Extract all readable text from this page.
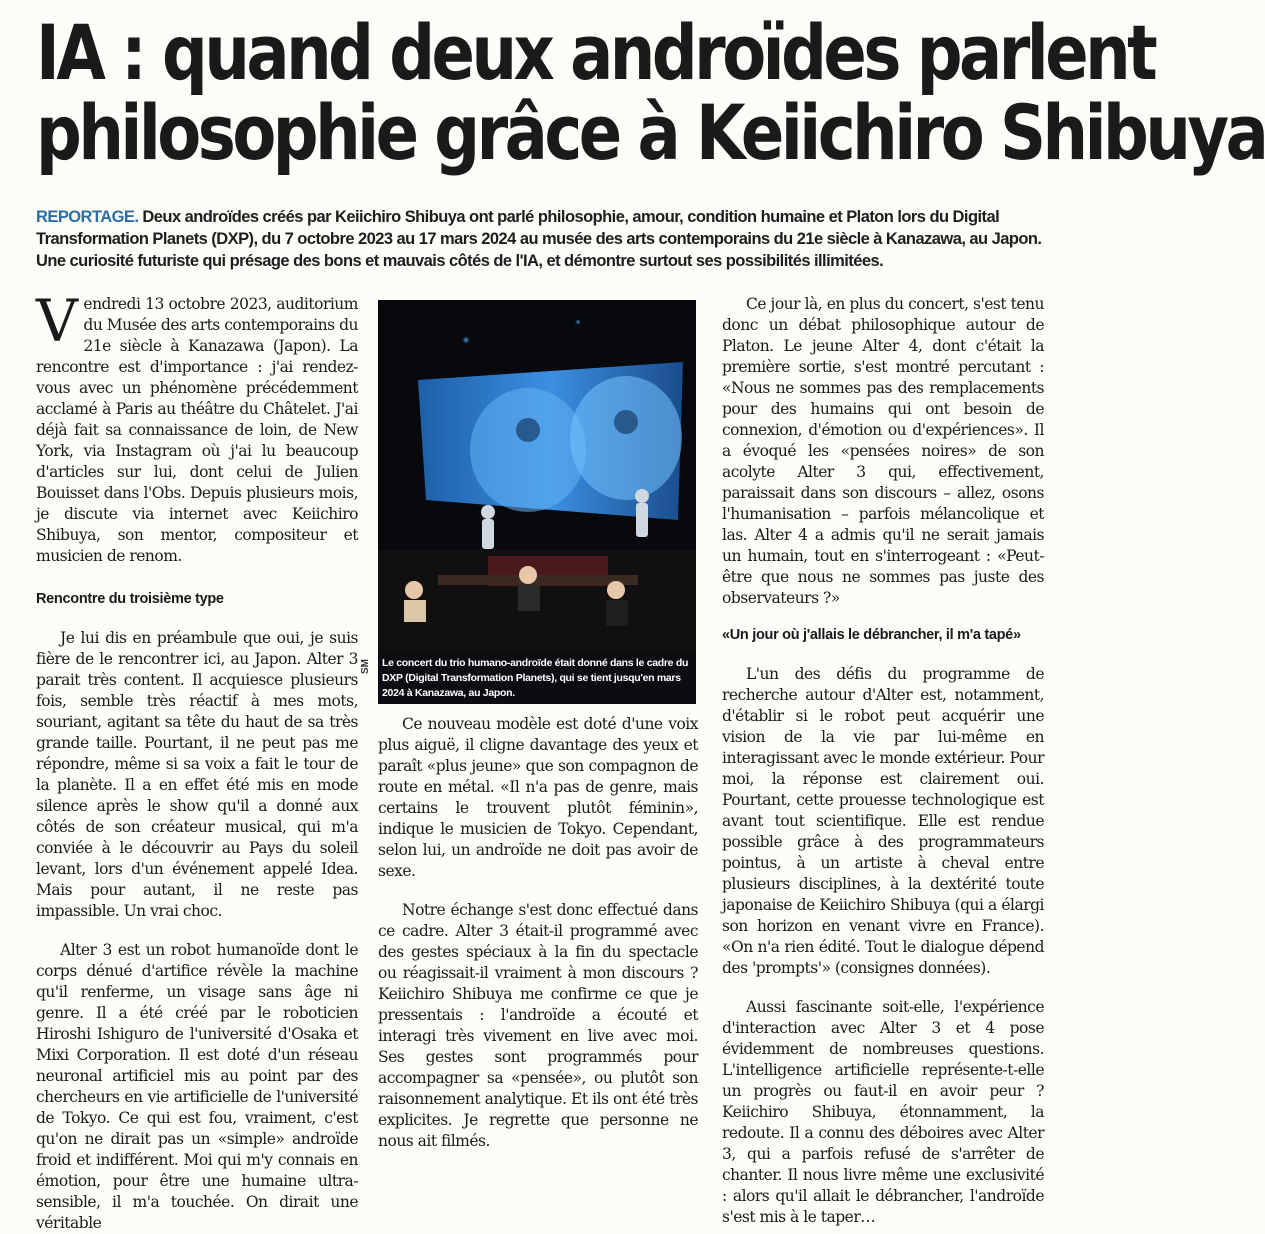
IA : quand deux androïdes parlent
philosophie grâce à Keiichiro Shibuya

REPORTAGE. Deux androïdes créés par Keiichiro Shibuya ont parlé philosophie, amour, condition humaine et Platon lors du Digital Transformation Planets (DXP), du 7 octobre 2023 au 17 mars 2024 au musée des arts contemporains du 21e siècle à Kanazawa, au Japon. Une curiosité futuriste qui présage des bons et mauvais côtés de l'IA, et démontre surtout ses possibilités illimitées.

Vendredi 13 octobre 2023, auditorium du Musée des arts contemporains du 21e siècle à Kanazawa (Japon). La rencontre est d'importance : j'ai rendez-vous avec un phénomène précédemment acclamé à Paris au théâtre du Châtelet. J'ai déjà fait sa connaissance de loin, de New York, via Instagram où j'ai lu beaucoup d'articles sur lui, dont celui de Julien Bouisset dans l'Obs. Depuis plusieurs mois, je discute via internet avec Keiichiro Shibuya, son mentor, compositeur et musicien de renom.

Rencontre du troisième type

Je lui dis en préambule que oui, je suis fière de le rencontrer ici, au Japon. Alter 3 parait très content. Il acquiesce plusieurs fois, semble très réactif à mes mots, souriant, agitant sa tête du haut de sa très grande taille. Pourtant, il ne peut pas me répondre, même si sa voix a fait le tour de la planète. Il a en effet été mis en mode silence après le show qu'il a donné aux côtés de son créateur musical, qui m'a conviée à le découvrir au Pays du soleil levant, lors d'un événement appelé Idea. Mais pour autant, il ne reste pas impassible. Un vrai choc.

Alter 3 est un robot humanoïde dont le corps dénué d'artifice révèle la machine qu'il renferme, un visage sans âge ni genre. Il a été créé par le roboticien Hiroshi Ishiguro de l'université d'Osaka et Mixi Corporation. Il est doté d'un réseau neuronal artificiel mis au point par des chercheurs en vie artificielle de l'université de Tokyo. Ce qui est fou, vraiment, c'est qu'on ne dirait pas un «simple» androïde froid et indifférent. Moi qui m'y connais en émotion, pour être une humaine ultra-sensible, il m'a touchée. On dirait une véritable

Le concert du trio humano-androïde était donné dans le cadre du DXP (Digital Transformation Planets), qui se tient jusqu'en mars 2024 à Kanazawa, au Japon.
SM

Ce nouveau modèle est doté d'une voix plus aiguë, il cligne davantage des yeux et paraît «plus jeune» que son compagnon de route en métal. «Il n'a pas de genre, mais certains le trouvent plutôt féminin», indique le musicien de Tokyo. Cependant, selon lui, un androïde ne doit pas avoir de sexe.

Notre échange s'est donc effectué dans ce cadre. Alter 3 était-il programmé avec des gestes spéciaux à la fin du spectacle ou réagissait-il vraiment à mon discours ? Keiichiro Shibuya me confirme ce que je pressentais : l'androïde a écouté et interagi très vivement en live avec moi. Ses gestes sont programmés pour accompagner sa «pensée», ou plutôt son raisonnement analytique. Et ils ont été très explicites. Je regrette que personne ne nous ait filmés.

Ce jour là, en plus du concert, s'est tenu donc un débat philosophique autour de Platon. Le jeune Alter 4, dont c'était la première sortie, s'est montré percutant : «Nous ne sommes pas des remplacements pour des humains qui ont besoin de connexion, d'émotion ou d'expériences». Il a évoqué les «pensées noires» de son acolyte Alter 3 qui, effectivement, paraissait dans son discours – allez, osons l'humanisation – parfois mélancolique et las. Alter 4 a admis qu'il ne serait jamais un humain, tout en s'interrogeant : «Peut-être que nous ne sommes pas juste des observateurs ?»

«Un jour où j'allais le débrancher, il m'a tapé»

L'un des défis du programme de recherche autour d'Alter est, notamment, d'établir si le robot peut acquérir une vision de la vie par lui-même en interagissant avec le monde extérieur. Pour moi, la réponse est clairement oui. Pourtant, cette prouesse technologique est avant tout scientifique. Elle est rendue possible grâce à des programmateurs pointus, à un artiste à cheval entre plusieurs disciplines, à la dextérité toute japonaise de Keiichiro Shibuya (qui a élargi son horizon en venant vivre en France). «On n'a rien édité. Tout le dialogue dépend des 'prompts'» (consignes données).

Aussi fascinante soit-elle, l'expérience d'interaction avec Alter 3 et 4 pose évidemment de nombreuses questions. L'intelligence artificielle représente-t-elle un progrès ou faut-il en avoir peur ? Keiichiro Shibuya, étonnamment, la redoute. Il a connu des déboires avec Alter 3, qui a parfois refusé de s'arrêter de chanter. Il nous livre même une exclusivité : alors qu'il allait le débrancher, l'androïde s'est mis à le taper…
